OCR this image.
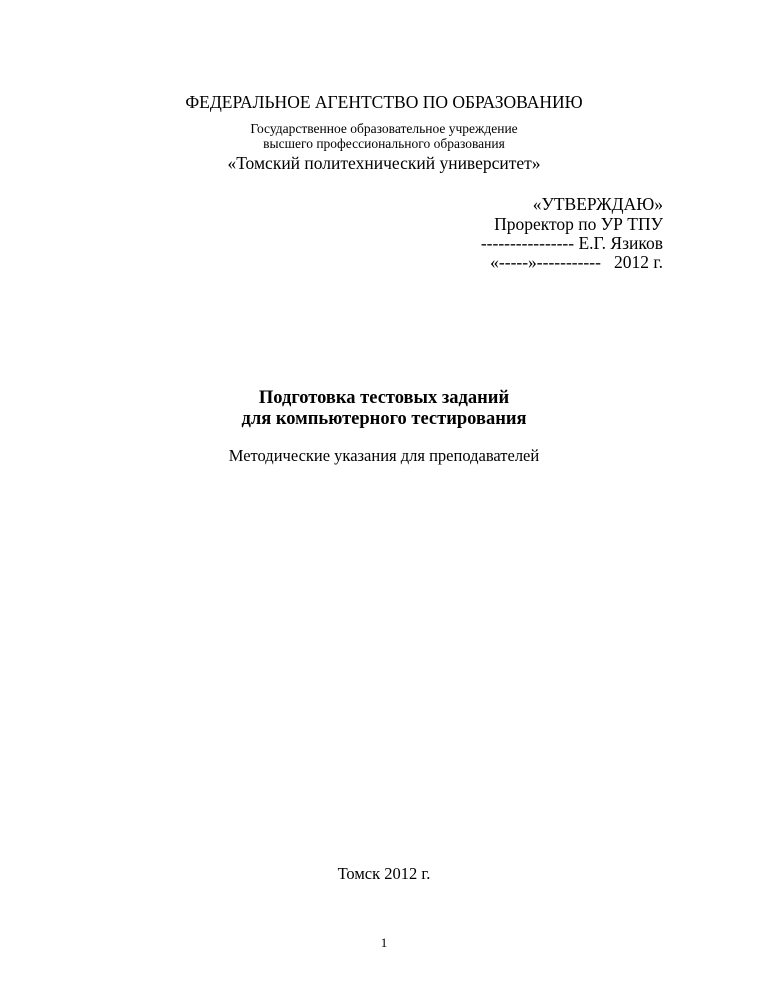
ФЕДЕРАЛЬНОЕ АГЕНТСТВО ПО ОБРАЗОВАНИЮ
Государственное образовательное учреждение
высшего профессионального образования
«Томский политехнический университет»
«УТВЕРЖДАЮ»
Проректор по УР ТПУ
---------------- Е.Г. Язиков
«-----»-----------   2012 г.
Подготовка тестовых заданий
для компьютерного тестирования
Методические указания для преподавателей
Томск 2012 г.
1
